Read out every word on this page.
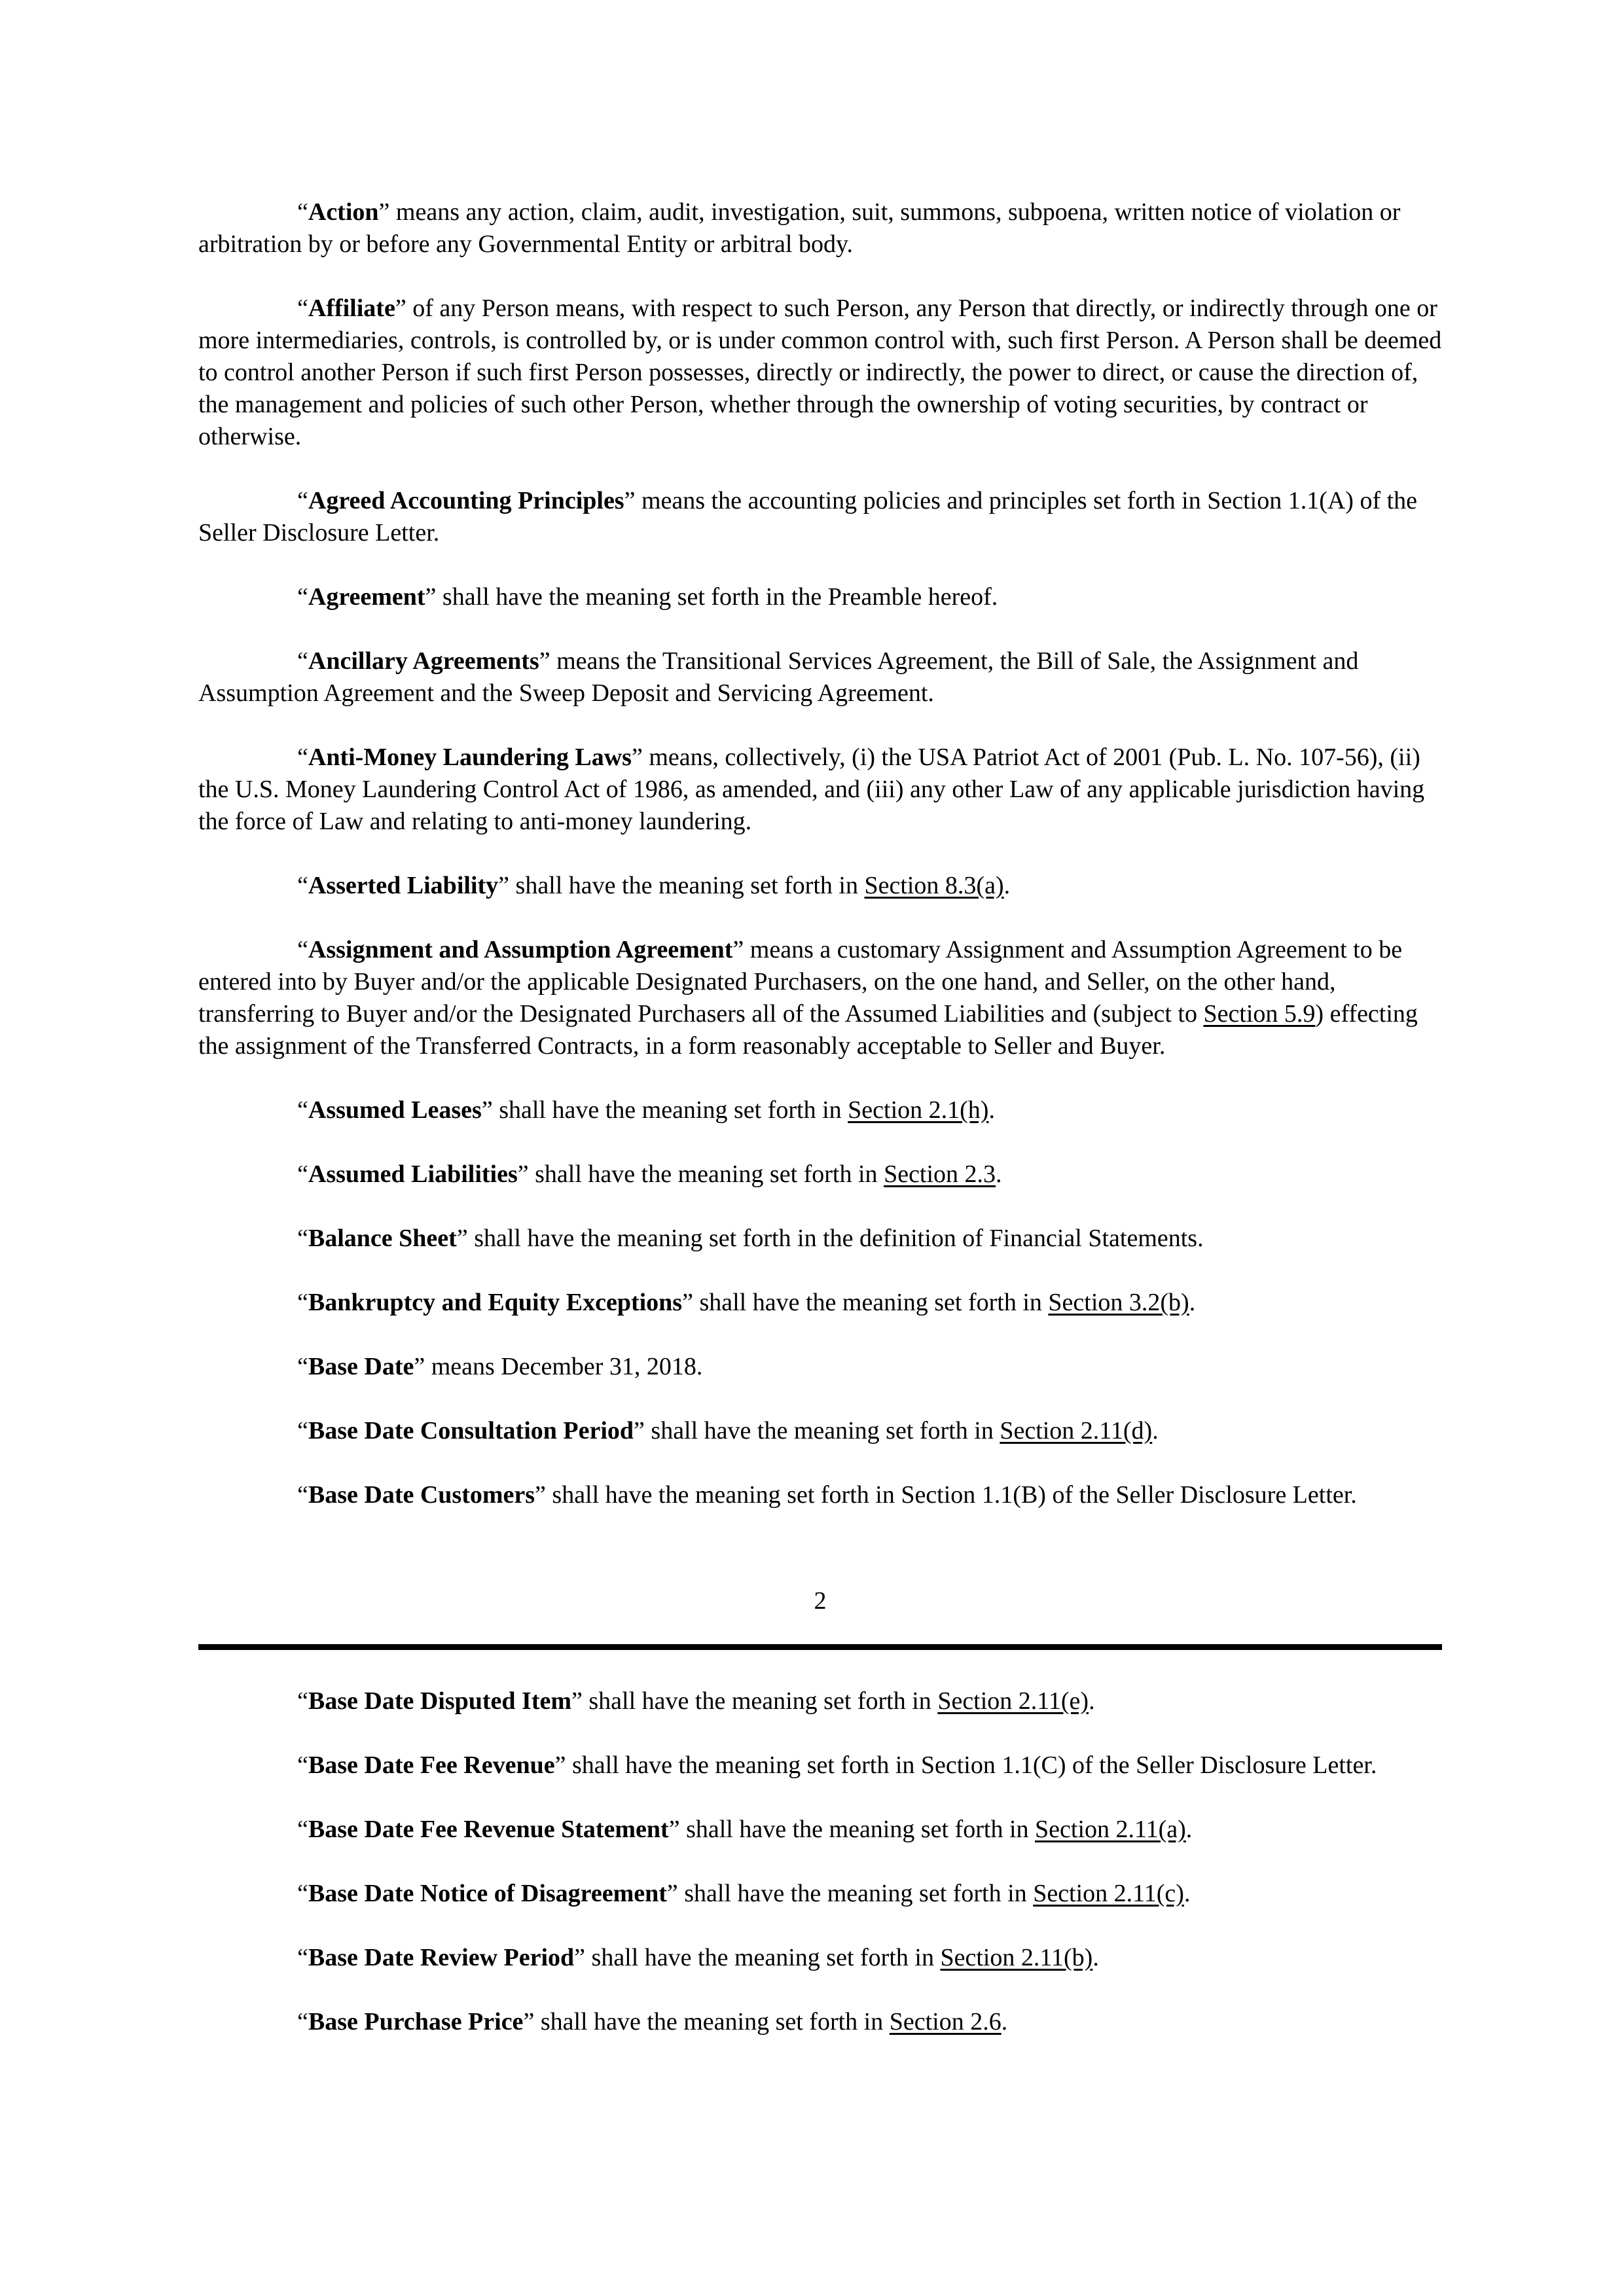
“Action” means any action, claim, audit, investigation, suit, summons, subpoena, written notice of violation or arbitration by or before any Governmental Entity or arbitral body.

“Affiliate” of any Person means, with respect to such Person, any Person that directly, or indirectly through one or more intermediaries, controls, is controlled by, or is under common control with, such first Person. A Person shall be deemed to control another Person if such first Person possesses, directly or indirectly, the power to direct, or cause the direction of, the management and policies of such other Person, whether through the ownership of voting securities, by contract or otherwise.

“Agreed Accounting Principles” means the accounting policies and principles set forth in Section 1.1(A) of the Seller Disclosure Letter.

“Agreement” shall have the meaning set forth in the Preamble hereof.

“Ancillary Agreements” means the Transitional Services Agreement, the Bill of Sale, the Assignment and Assumption Agreement and the Sweep Deposit and Servicing Agreement.

“Anti-Money Laundering Laws” means, collectively, (i) the USA Patriot Act of 2001 (Pub. L. No. 107-56), (ii) the U.S. Money Laundering Control Act of 1986, as amended, and (iii) any other Law of any applicable jurisdiction having the force of Law and relating to anti-money laundering.

“Asserted Liability” shall have the meaning set forth in Section 8.3(a).

“Assignment and Assumption Agreement” means a customary Assignment and Assumption Agreement to be entered into by Buyer and/or the applicable Designated Purchasers, on the one hand, and Seller, on the other hand, transferring to Buyer and/or the Designated Purchasers all of the Assumed Liabilities and (subject to Section 5.9) effecting the assignment of the Transferred Contracts, in a form reasonably acceptable to Seller and Buyer.

“Assumed Leases” shall have the meaning set forth in Section 2.1(h).

“Assumed Liabilities” shall have the meaning set forth in Section 2.3.

“Balance Sheet” shall have the meaning set forth in the definition of Financial Statements.

“Bankruptcy and Equity Exceptions” shall have the meaning set forth in Section 3.2(b).

“Base Date” means December 31, 2018.

“Base Date Consultation Period” shall have the meaning set forth in Section 2.11(d).

“Base Date Customers” shall have the meaning set forth in Section 1.1(B) of the Seller Disclosure Letter.

2

“Base Date Disputed Item” shall have the meaning set forth in Section 2.11(e).

“Base Date Fee Revenue” shall have the meaning set forth in Section 1.1(C) of the Seller Disclosure Letter.

“Base Date Fee Revenue Statement” shall have the meaning set forth in Section 2.11(a).

“Base Date Notice of Disagreement” shall have the meaning set forth in Section 2.11(c).

“Base Date Review Period” shall have the meaning set forth in Section 2.11(b).

“Base Purchase Price” shall have the meaning set forth in Section 2.6.
